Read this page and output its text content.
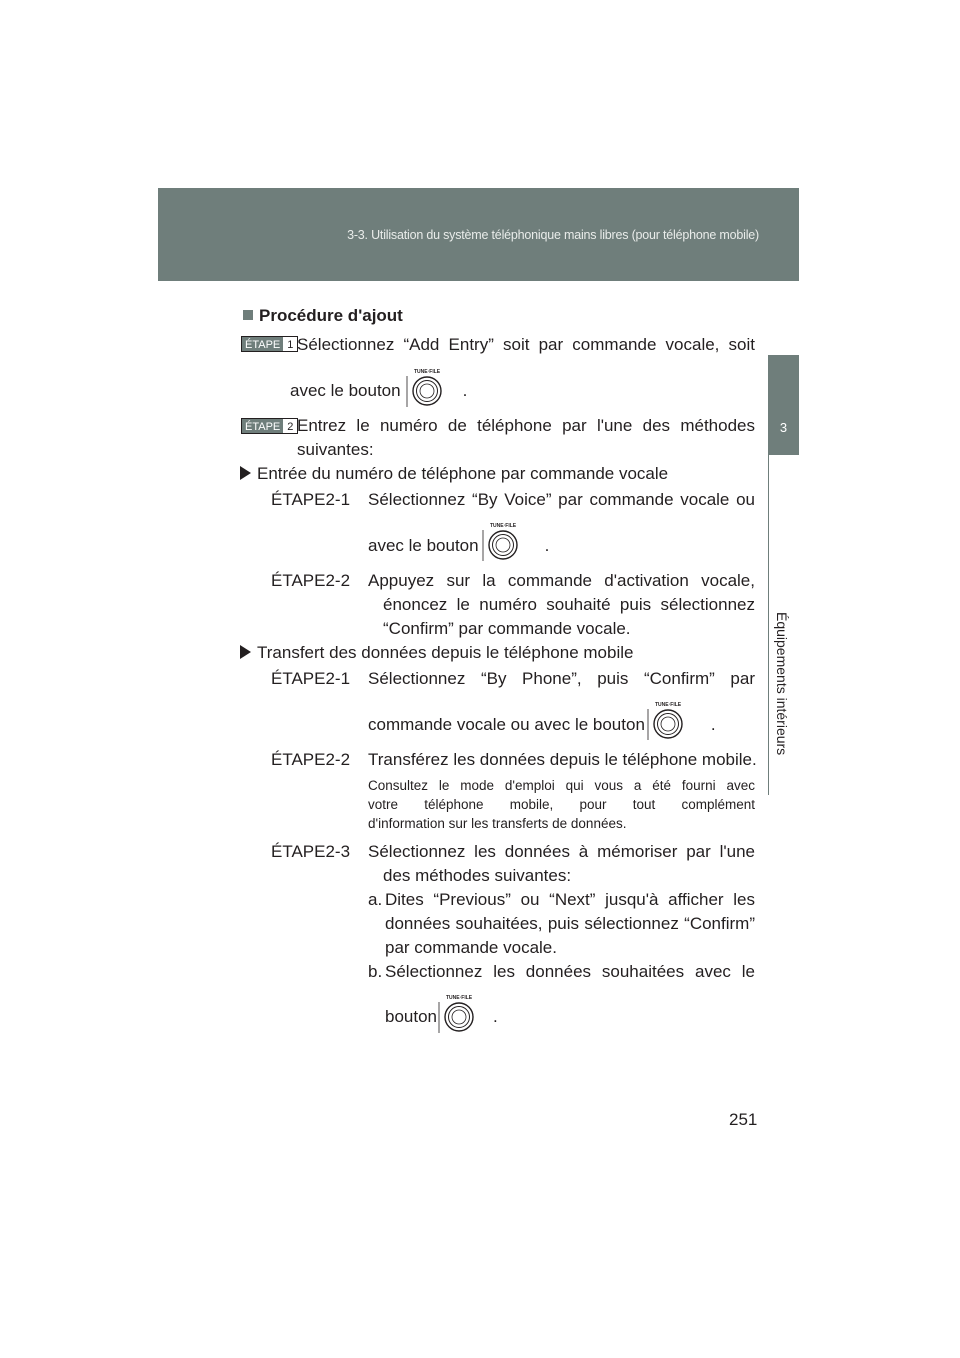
3-3. Utilisation du système téléphonique mains libres (pour téléphone mobile)
3
Équipements intérieurs
Procédure d'ajout
ÉTAPE 1 Sélectionnez “Add Entry” soit par commande vocale, soit
avec le bouton	.
TUNE·FILE
ÉTAPE 2 Entrez le numéro de téléphone par l'une des méthodes
suivantes:
Entrée du numéro de téléphone par commande vocale
ÉTAPE2-1 Sélectionnez “By Voice” par commande vocale ou
avec le bouton	.
TUNE·FILE
ÉTAPE2-2 Appuyez sur la commande d'activation vocale,
énoncez le numéro souhaité puis sélectionnez
“Confirm” par commande vocale.
Transfert des données depuis le téléphone mobile
ÉTAPE2-1 Sélectionnez “By Phone”, puis “Confirm” par
commande vocale ou avec le bouton	.
TUNE·FILE
ÉTAPE2-2 Transférez les données depuis le téléphone mobile.
Consultez le mode d'emploi qui vous a été fourni avec
votre téléphone mobile, pour tout complément
d'information sur les transferts de données.
ÉTAPE2-3 Sélectionnez les données à mémoriser par l'une
des méthodes suivantes:
a. Dites “Previous” ou “Next” jusqu'à afficher les
données souhaitées, puis sélectionnez “Confirm”
par commande vocale.
b. Sélectionnez les données souhaitées avec le
bouton	.
TUNE·FILE
251
